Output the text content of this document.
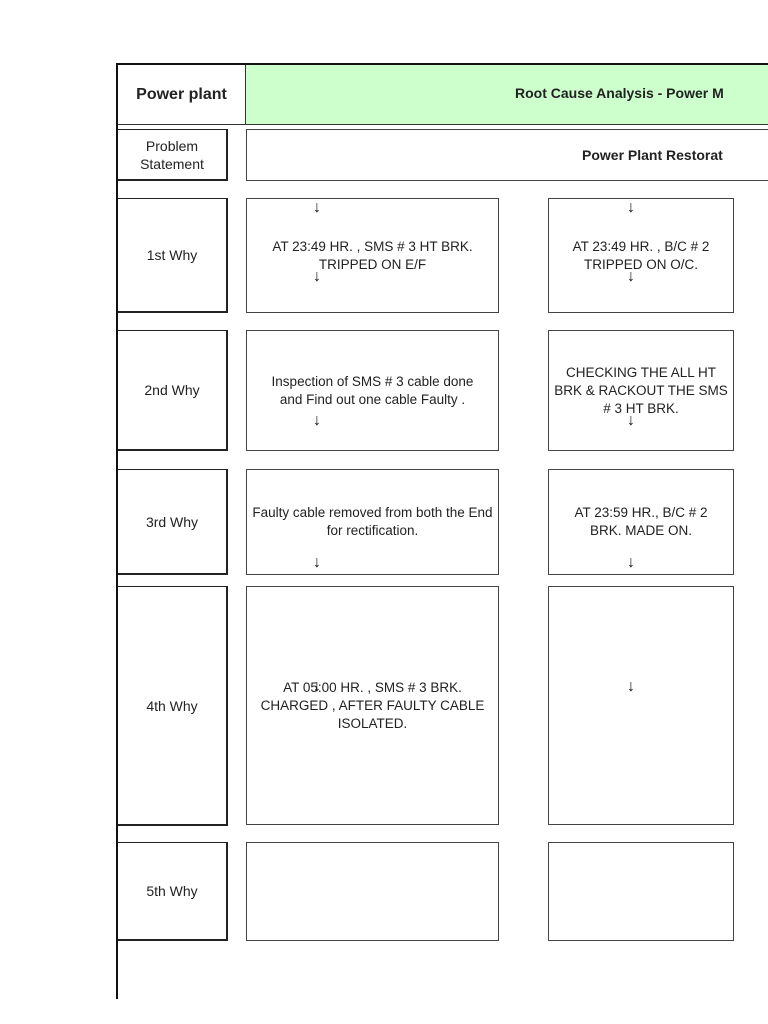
Power plant	Root Cause Analysis - Power M
Problem
Statement
Power Plant Restorat
1st Why
AT 23:49 HR. , SMS # 3 HT BRK. TRIPPED ON E/F
AT 23:49 HR. , B/C # 2 TRIPPED ON O/C.
2nd Why
Inspection of SMS # 3 cable done and Find out one cable Faulty .
CHECKING THE ALL HT BRK & RACKOUT THE SMS # 3 HT BRK.
3rd Why
Faulty cable removed from both the End for rectification.
AT 23:59 HR., B/C # 2 BRK. MADE ON.
4th Why
AT 05:00 HR. , SMS # 3 BRK. CHARGED , AFTER FAULTY CABLE ISOLATED.
5th Why
↓
↓
↓
↓
↓
↓
↓
↓
↓
↓
